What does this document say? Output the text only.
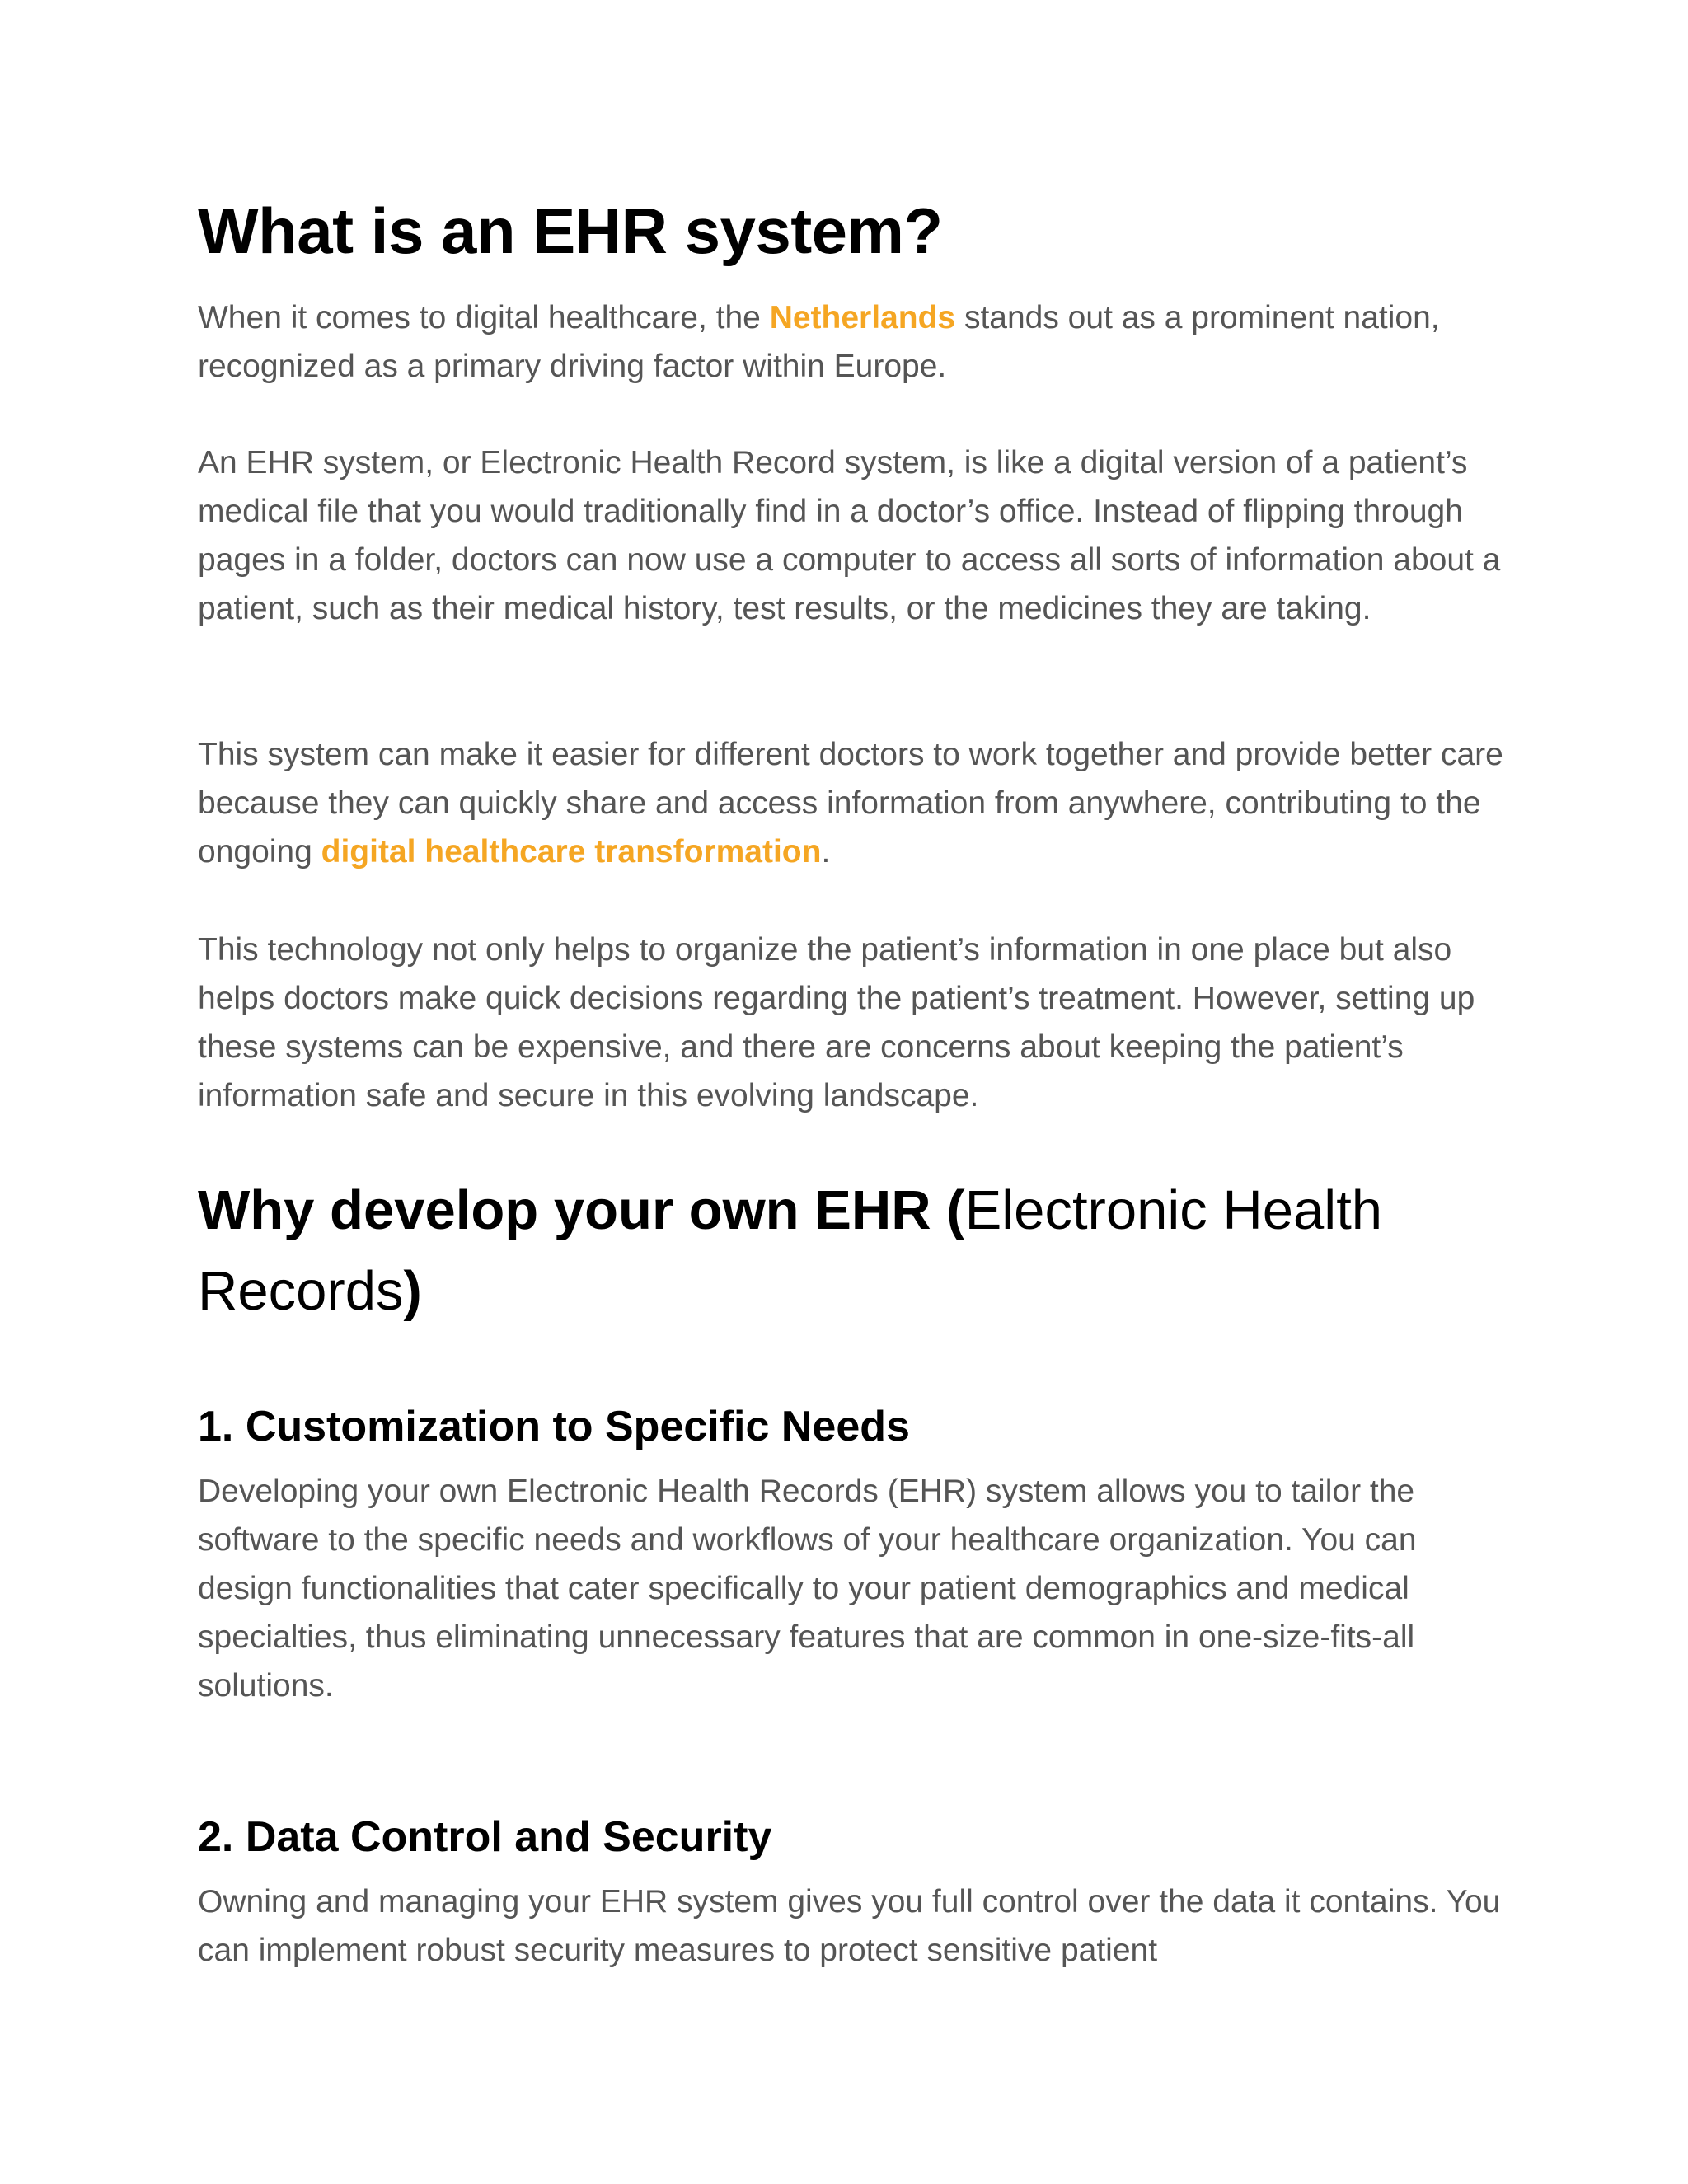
What is an EHR system?

When it comes to digital healthcare, the Netherlands stands out as a prominent nation, recognized as a primary driving factor within Europe.

An EHR system, or Electronic Health Record system, is like a digital version of a patient’s medical file that you would traditionally find in a doctor’s office. Instead of flipping through pages in a folder, doctors can now use a computer to access all sorts of information about a patient, such as their medical history, test results, or the medicines they are taking.

This system can make it easier for different doctors to work together and provide better care because they can quickly share and access information from anywhere, contributing to the ongoing digital healthcare transformation.

This technology not only helps to organize the patient’s information in one place but also helps doctors make quick decisions regarding the patient’s treatment. However, setting up these systems can be expensive, and there are concerns about keeping the patient’s information safe and secure in this evolving landscape.

Why develop your own EHR (Electronic Health Records)
1. Customization to Specific Needs

Developing your own Electronic Health Records (EHR) system allows you to tailor the software to the specific needs and workflows of your healthcare organization. You can design functionalities that cater specifically to your patient demographics and medical specialties, thus eliminating unnecessary features that are common in one-size-fits-all solutions.

2. Data Control and Security

Owning and managing your EHR system gives you full control over the data it contains. You can implement robust security measures to protect sensitive patient
